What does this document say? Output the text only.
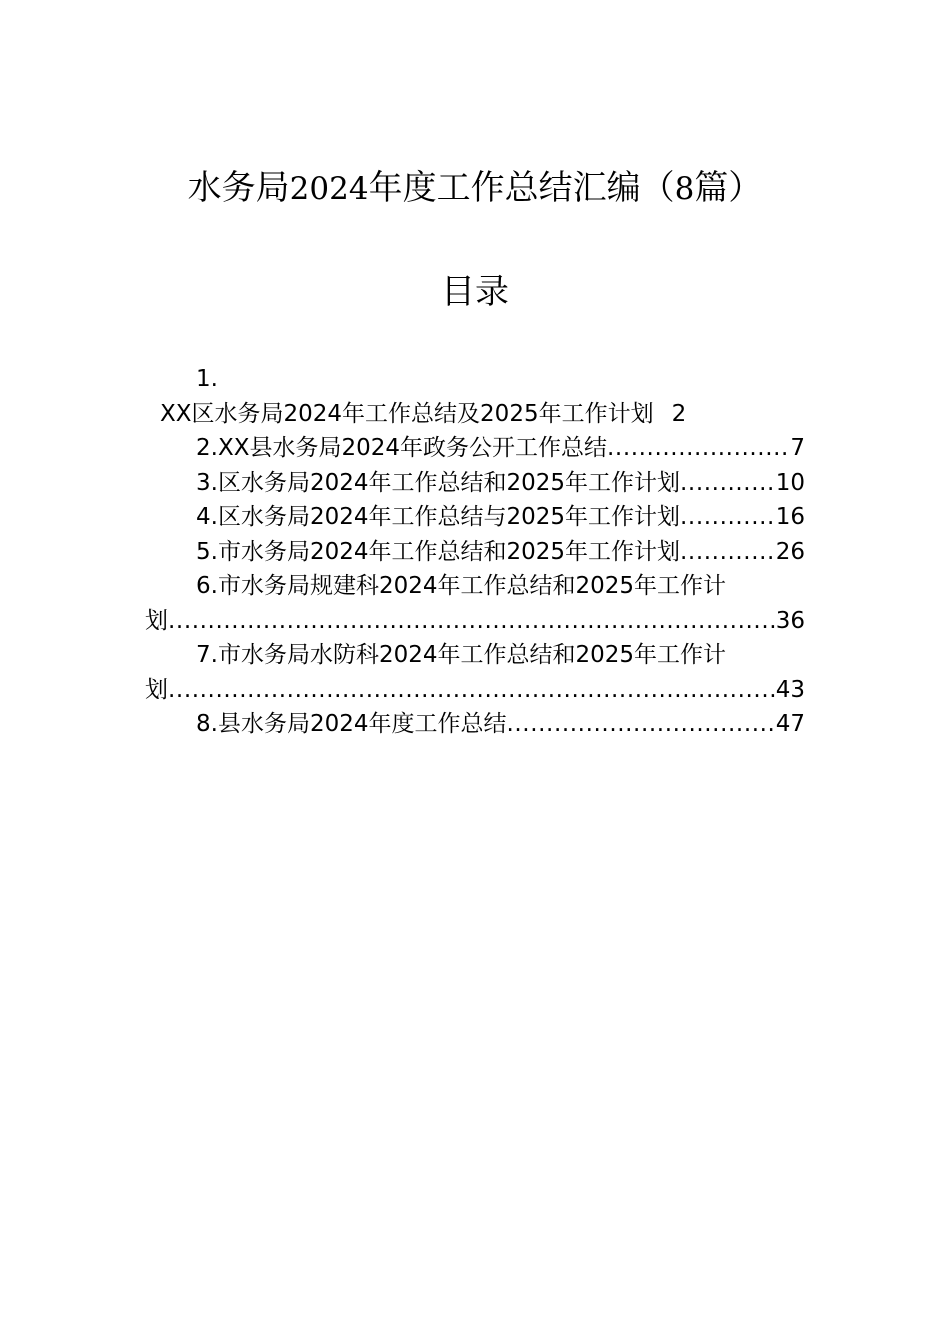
水务局2024年度工作总结汇编（8篇）
目录
1.
XX区水务局2024年工作总结及2025年工作计划 2
2.XX县水务局2024年政务公开工作总结 .....	7
3.区水务局2024年工作总结和2025年工作计划 .....	10
4.区水务局2024年工作总结与2025年工作计划 .....	16
5.市水务局2024年工作总结和2025年工作计划 .....	26
6.市水务局规建科2024年工作总结和2025年工作计
划 .....	36
7.市水务局水防科2024年工作总结和2025年工作计
划 .....	43
8.县水务局2024年度工作总结 .....	47
